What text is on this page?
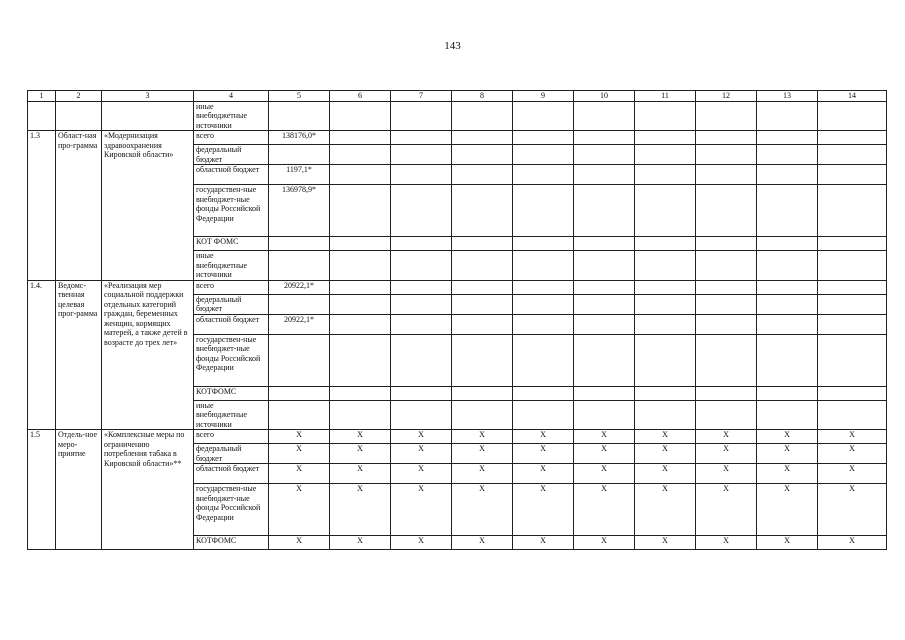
143
1	2	3	4	5	6	7	8	9	10	11	12	13	14
			иные внебюджетные источники										
1.3	Област-ная про-грамма	«Модернизация здравоохранения Кировской области»	всего	138176,0*									
			федеральный бюджет										
			областной бюджет	1197,1*									
			государствен-ные внебюджет-ные фонды Российской Федерации	136978,9*									
			КОТ ФОМС										
			иные внебюджетные источники										
1.4.	Ведомс-твенная целевая прог-рамма	«Реализация мер социальной поддержки отдельных категорий граждан, беременных женщин, кормящих матерей, а также детей в возрасте до трех лет»	всего	20922,1*									
			федеральный бюджет										
			областной бюджет	20922,1*									
			государствен-ные внебюджет-ные фонды Российской Федерации										
			КОТФОМС										
			иные внебюджетные источники										
1.5	Отдель-ное меро-приятие	«Комплексные меры по ограничению потребления табака в Кировской области»**	всего	X	X	X	X	X	X	X	X	X	X
			федеральный бюджет	X	X	X	X	X	X	X	X	X	X
			областной бюджет	X	X	X	X	X	X	X	X	X	X
			государствен-ные внебюджет-ные фонды Российской Федерации	X	X	X	X	X	X	X	X	X	X
			КОТФОМС	X	X	X	X	X	X	X	X	X	X
